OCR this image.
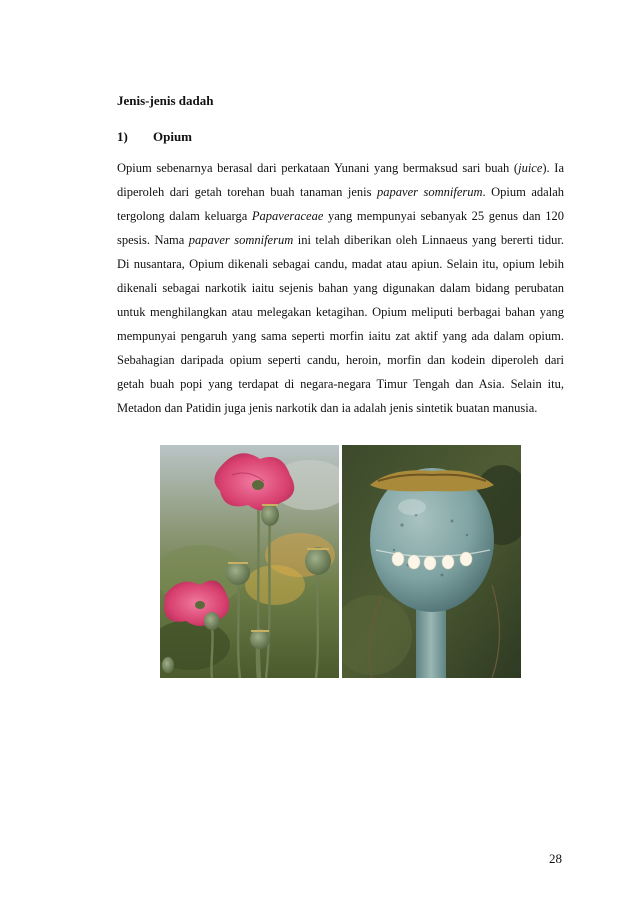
Jenis-jenis dadah

1) Opium

Opium sebenarnya berasal dari perkataan Yunani yang bermaksud sari buah (juice). Ia
diperoleh dari getah torehan buah tanaman jenis papaver somniferum. Opium adalah
tergolong dalam keluarga Papaveraceae yang mempunyai sebanyak 25 genus dan 120
spesis. Nama papaver somniferum ini telah diberikan oleh Linnaeus yang bererti tidur.
Di nusantara, Opium dikenali sebagai candu, madat atau apiun. Selain itu, opium lebih
dikenali sebagai narkotik iaitu sejenis bahan yang digunakan dalam bidang perubatan
untuk menghilangkan atau melegakan ketagihan. Opium meliputi berbagai bahan yang
mempunyai pengaruh yang sama seperti morfin iaitu zat aktif yang ada dalam opium.
Sebahagian daripada opium seperti candu, heroin, morfin dan kodein diperoleh dari
getah buah popi yang terdapat di negara-negara Timur Tengah dan Asia. Selain itu,
Metadon dan Patidin juga jenis narkotik dan ia adalah jenis sintetik buatan manusia.

28
